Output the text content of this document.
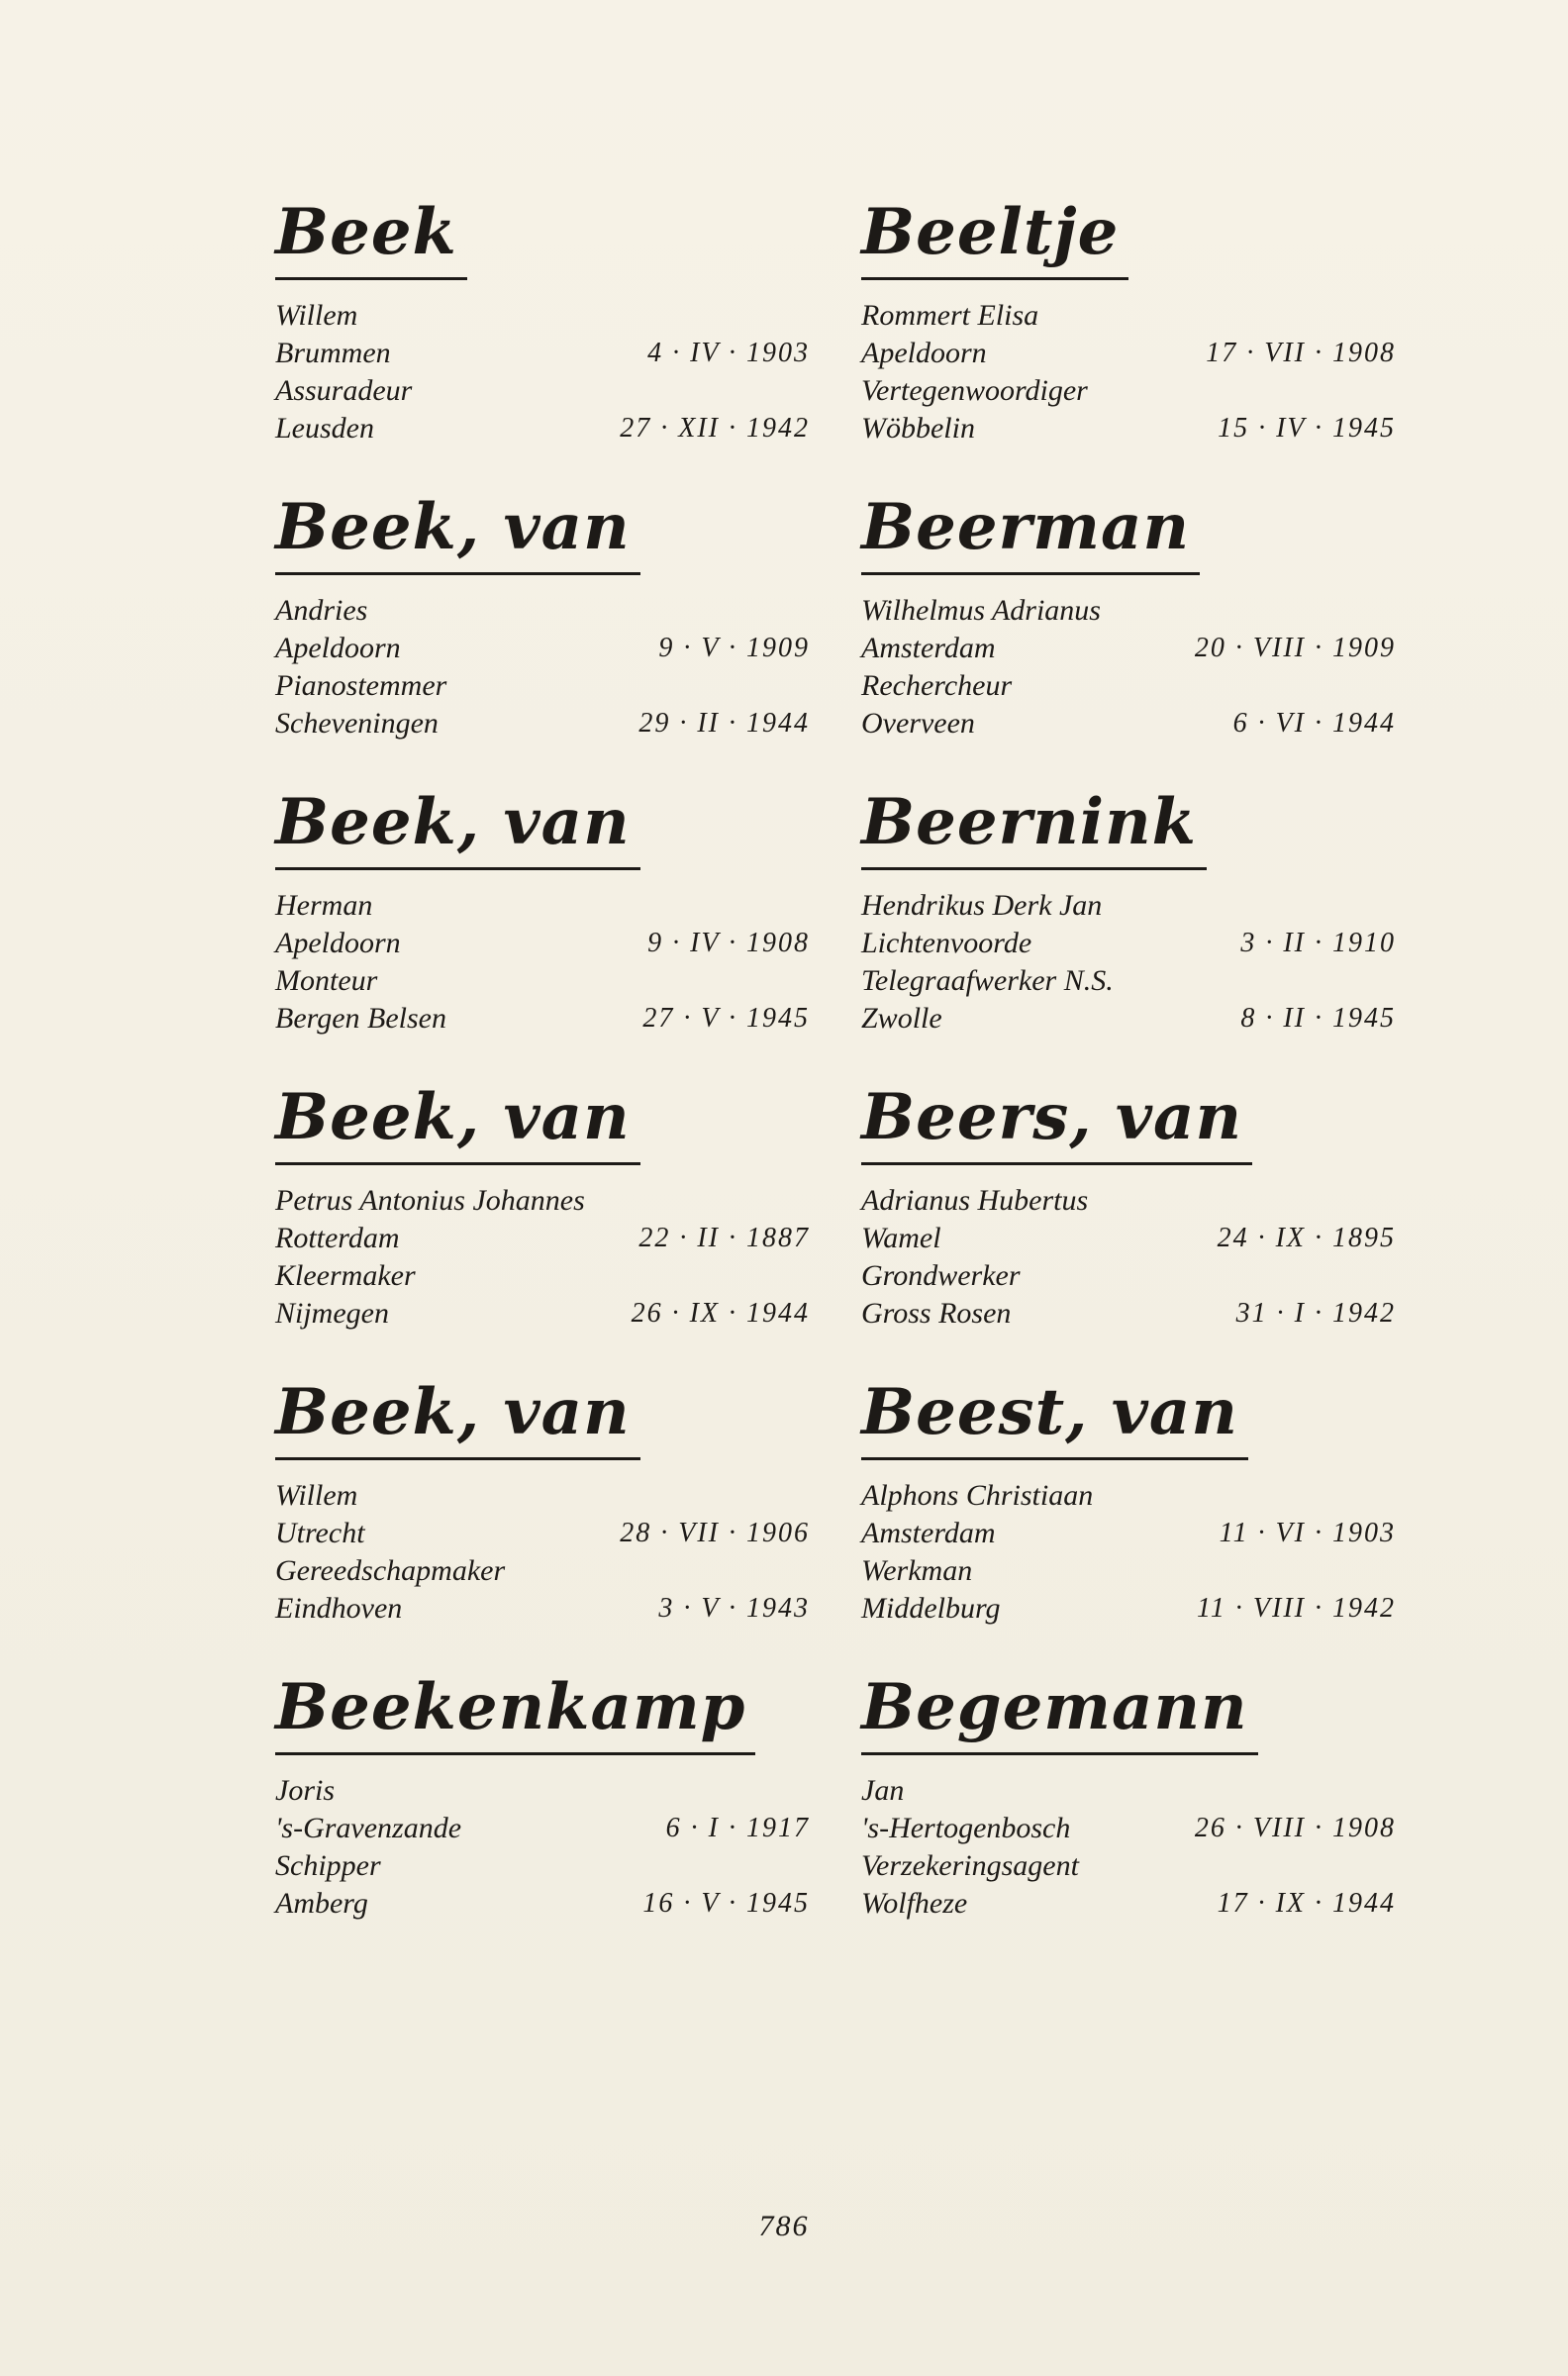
Beek
Willem
Brummen	4 · IV · 1903
Assuradeur
Leusden	27 · XII · 1942
Beek, van
Andries
Apeldoorn	9 · V · 1909
Pianostemmer
Scheveningen	29 · II · 1944
Beek, van
Herman
Apeldoorn	9 · IV · 1908
Monteur
Bergen Belsen	27 · V · 1945
Beek, van
Petrus Antonius Johannes
Rotterdam	22 · II · 1887
Kleermaker
Nijmegen	26 · IX · 1944
Beek, van
Willem
Utrecht	28 · VII · 1906
Gereedschapmaker
Eindhoven	3 · V · 1943
Beekenkamp
Joris
's-Gravenzande	6 · I · 1917
Schipper
Amberg	16 · V · 1945
Beeltje
Rommert Elisa
Apeldoorn	17 · VII · 1908
Vertegenwoordiger
Wöbbelin	15 · IV · 1945
Beerman
Wilhelmus Adrianus
Amsterdam	20 · VIII · 1909
Rechercheur
Overveen	6 · VI · 1944
Beernink
Hendrikus Derk Jan
Lichtenvoorde	3 · II · 1910
Telegraafwerker N.S.
Zwolle	8 · II · 1945
Beers, van
Adrianus Hubertus
Wamel	24 · IX · 1895
Grondwerker
Gross Rosen	31 · I · 1942
Beest, van
Alphons Christiaan
Amsterdam	11 · VI · 1903
Werkman
Middelburg	11 · VIII · 1942
Begemann
Jan
's-Hertogenbosch	26 · VIII · 1908
Verzekeringsagent
Wolfheze	17 · IX · 1944
786
